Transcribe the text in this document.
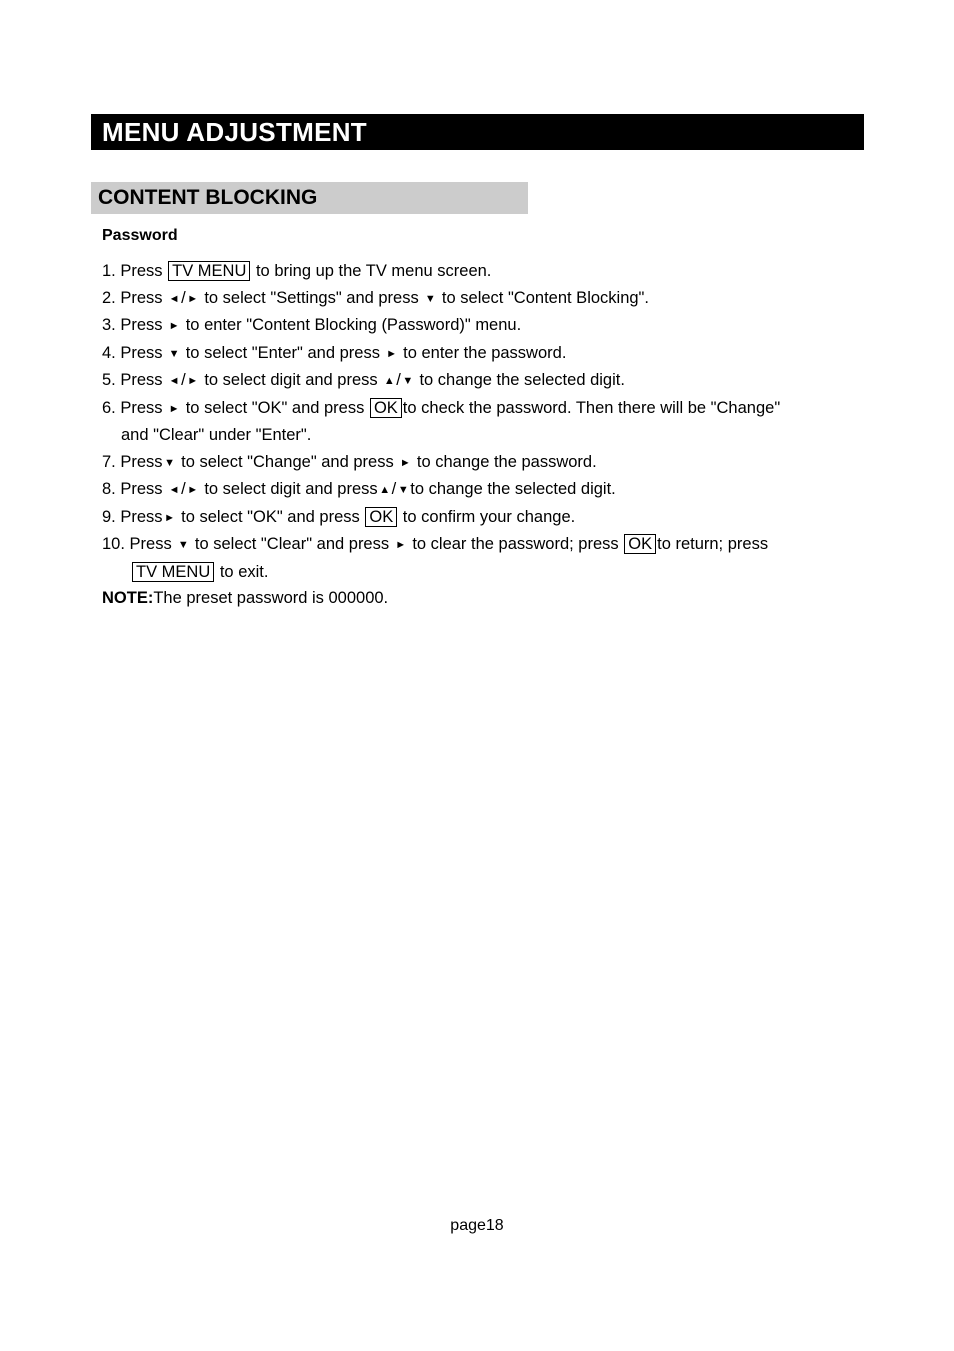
MENU ADJUSTMENT
CONTENT BLOCKING
Password
1. Press TV MENU to bring up the TV menu screen.
2. Press ◄/ ► to select "Settings" and press ▼ to select "Content Blocking".
3. Press ► to enter "Content Blocking (Password)" menu.
4. Press ▼ to select "Enter" and press ► to enter the password.
5. Press ◄/ ► to select digit and press ▲/ ▼ to change the selected digit.
6. Press ► to select "OK" and press OK to check the password. Then there will be "Change"
and "Clear" under "Enter".
7. Press ▼ to select "Change" and press ► to change the password.
8. Press ◄/ ► to select digit and press ▲/ ▼to change the selected digit.
9. Press ► to select "OK" and press OK to confirm your change.
10. Press ▼ to select "Clear" and press ► to clear the password; press OK to return; press
TV MENU to exit.
NOTE:The preset password is 000000.
page18
